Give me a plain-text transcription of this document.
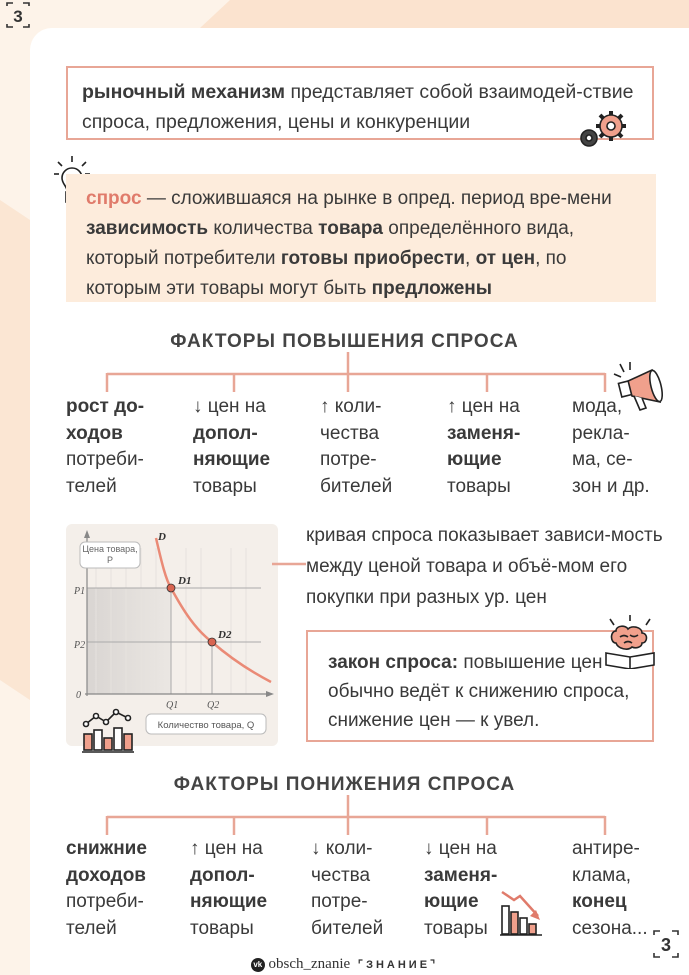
3
рыночный механизм представляет собой взаимодей-ствие спроса, предложения, цены и конкуренции
спрос — сложившаяся на рынке в опред. период вре-мени зависимость количества товара определённого вида, который потребители готовы приобрести, от цен, по которым эти товары могут быть предложены
ФАКТОРЫ ПОВЫШЕНИЯ СПРОСА
рост до-
ходов
потреби-
телей
↓ цен на
допол-
няющие
товары
↑ коли-
чества
потре-
бителей
↑ цен на
заменя-
ющие
товары
мода,
рекла-
ма, се-
зон и др.
D
D1
D2
P1
P2
0
Q1	Q2
Цена товара, P
Количество товара, Q
кривая спроса показывает зависи-мость между ценой товара и объё-мом его покупки при разных ур. цен
закон спроса: повышение цен обычно ведёт к снижению спроса, снижение цен — к увел.
ФАКТОРЫ ПОНИЖЕНИЯ СПРОСА
снижние
доходов
потреби-
телей
↑ цен на
допол-
няющие
товары
↓ коли-
чества
потре-
бителей
↓ цен на
заменя-
ющие
товары
антире-
клама,
конец
сезона...
3
vk obsch_znanie ⌜ЗНАНИЕ⌝
